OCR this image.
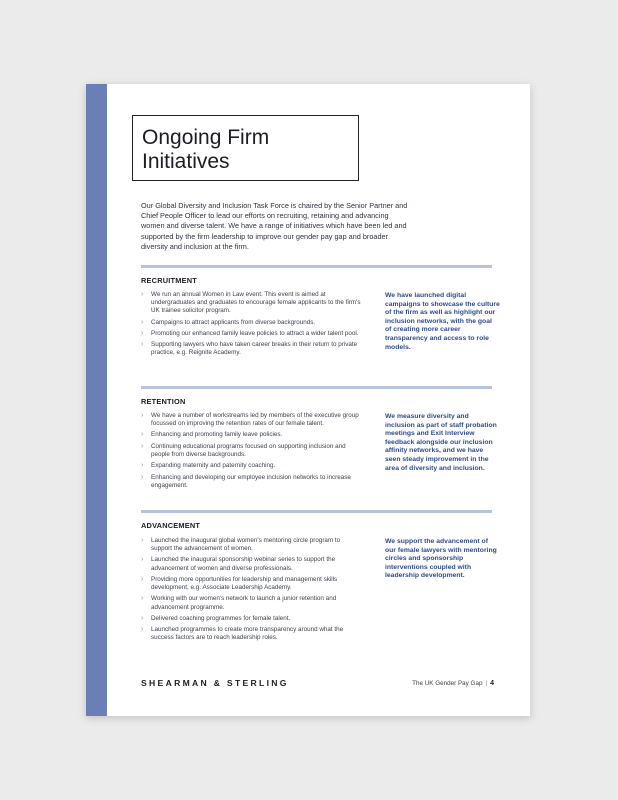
Ongoing Firm
Initiatives
Our Global Diversity and Inclusion Task Force is chaired by the Senior Partner and Chief People Officer to lead our efforts on recruiting, retaining and advancing women and diverse talent. We have a range of initiatives which have been led and supported by the firm leadership to improve our gender pay gap and broader diversity and inclusion at the firm.
RECRUITMENT
› We run an annual Women in Law event. This event is aimed at undergraduates and graduates to encourage female applicants to the firm's UK trainee solicitor program.
› Campaigns to attract applicants from diverse backgrounds.
› Promoting our enhanced family leave policies to attract a wider talent pool.
› Supporting lawyers who have taken career breaks in their return to private practice, e.g. Reignite Academy.
We have launched digital campaigns to showcase the culture of the firm as well as highlight our inclusion networks, with the goal of creating more career transparency and access to role models.
RETENTION
› We have a number of workstreams led by members of the executive group focussed on improving the retention rates of our female talent.
› Enhancing and promoting family leave policies.
› Continuing educational programs focused on supporting inclusion and people from diverse backgrounds.
› Expanding maternity and paternity coaching.
› Enhancing and developing our employee inclusion networks to increase engagement.
We measure diversity and inclusion as part of staff probation meetings and Exit Interview feedback alongside our inclusion affinity networks, and we have seen steady improvement in the area of diversity and inclusion.
ADVANCEMENT
› Launched the inaugural global women's mentoring circle program to support the advancement of women.
› Launched the inaugural sponsorship webinar series to support the advancement of women and diverse professionals.
› Providing more opportunities for leadership and management skills development, e.g. Associate Leadership Academy.
› Working with our women's network to launch a junior retention and advancement programme.
› Delivered coaching programmes for female talent.
› Launched programmes to create more transparency around what the success factors are to reach leadership roles.
We support the advancement of our female lawyers with mentoring circles and sponsorship interventions coupled with leadership development.
SHEARMAN & STERLING	The UK Gender Pay Gap | 4
